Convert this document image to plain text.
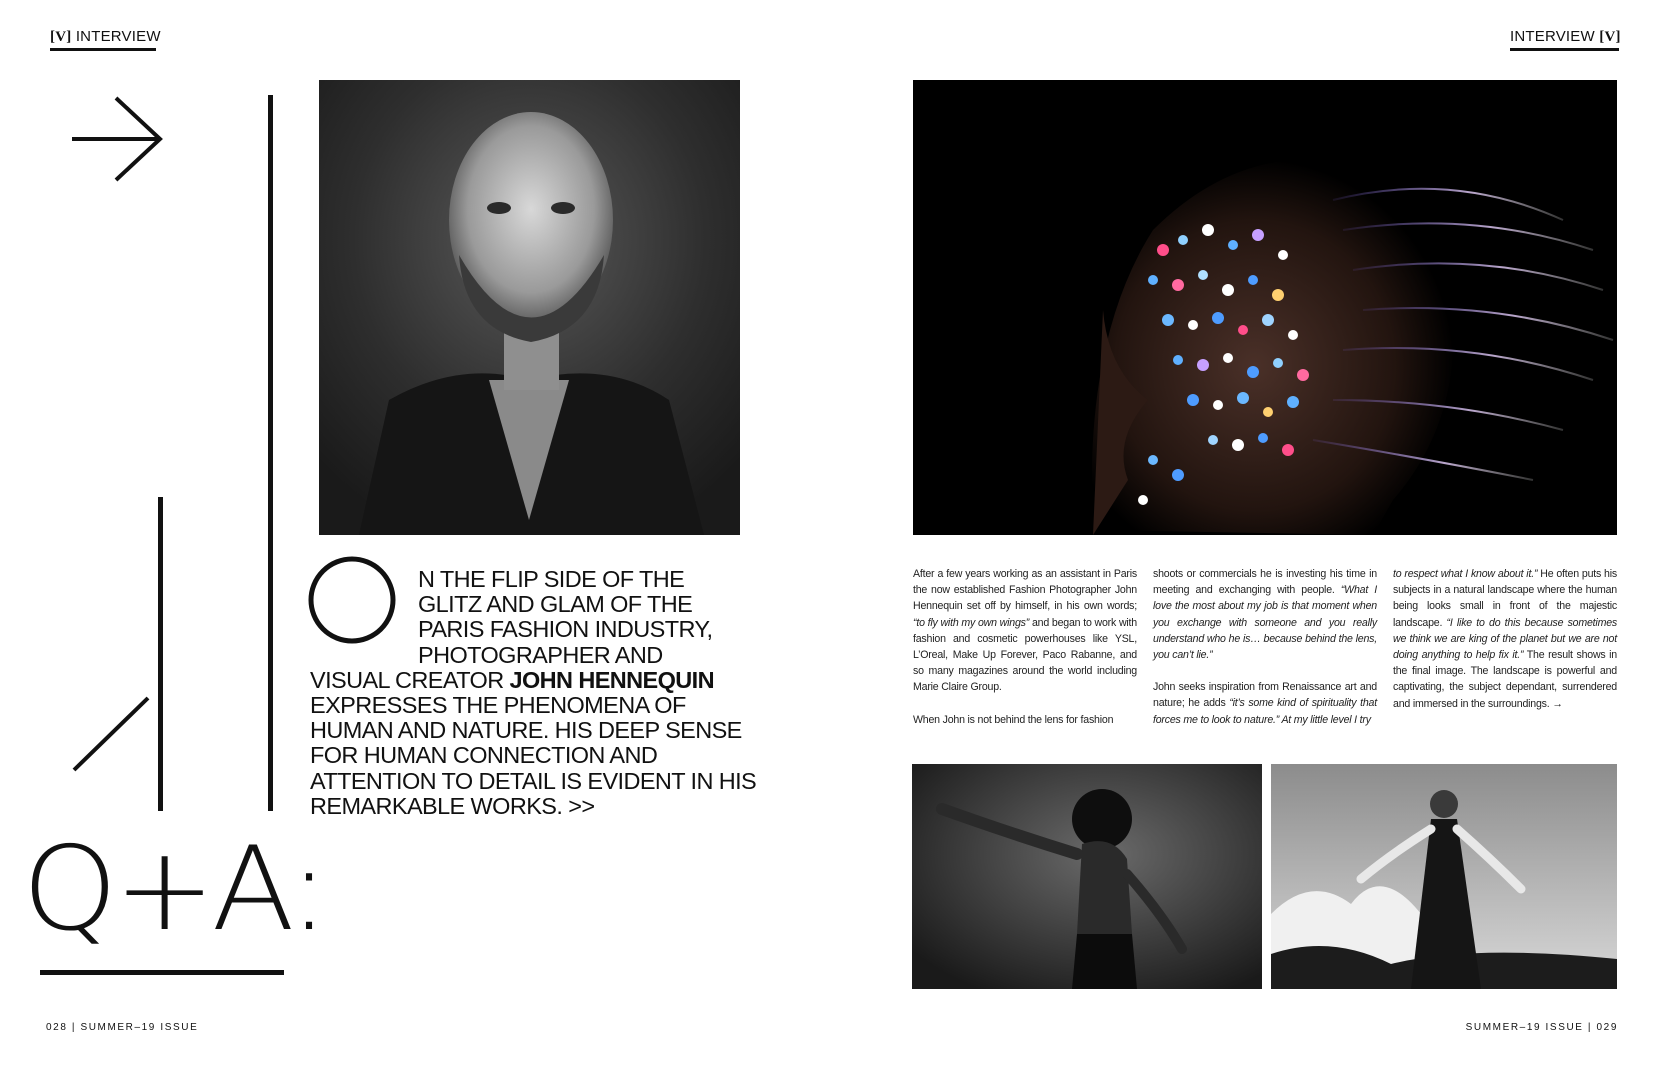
[V] INTERVIEW	INTERVIEW [V]
Q+A:
N THE FLIP SIDE OF THE
GLITZ AND GLAM OF THE
PARIS FASHION INDUSTRY,
PHOTOGRAPHER AND
VISUAL CREATOR JOHN HENNEQUIN
EXPRESSES THE PHENOMENA OF HUMAN AND NATURE. HIS DEEP SENSE FOR HUMAN CONNECTION AND ATTENTION TO DETAIL IS EVIDENT IN HIS REMARKABLE WORKS. >>

After a few years working as an assistant in Paris the now established Fashion Photographer John Hennequin set off by himself, in his own words; “to fly with my own wings” and began to work with fashion and cosmetic powerhouses like YSL, L’Oreal, Make Up Forever, Paco Rabanne, and so many magazines around the world including Marie Claire Group.

When John is not behind the lens for fashion

shoots or commercials he is investing his time in meeting and exchanging with people. “What I love the most about my job is that moment when you exchange with someone and you really understand who he is… because behind the lens, you can’t lie.”

John seeks inspiration from Renaissance art and nature; he adds “it’s some kind of spirituality that forces me to look to nature.” At my little level I try

to respect what I know about it.” He often puts his subjects in a natural landscape where the human being looks small in front of the majestic landscape. “I like to do this because sometimes we think we are king of the planet but we are not doing anything to help fix it.” The result shows in the final image. The landscape is powerful and captivating, the subject dependant, surrendered and immersed in the surroundings. →

028 | SUMMER–19 ISSUE	SUMMER–19 ISSUE | 029
